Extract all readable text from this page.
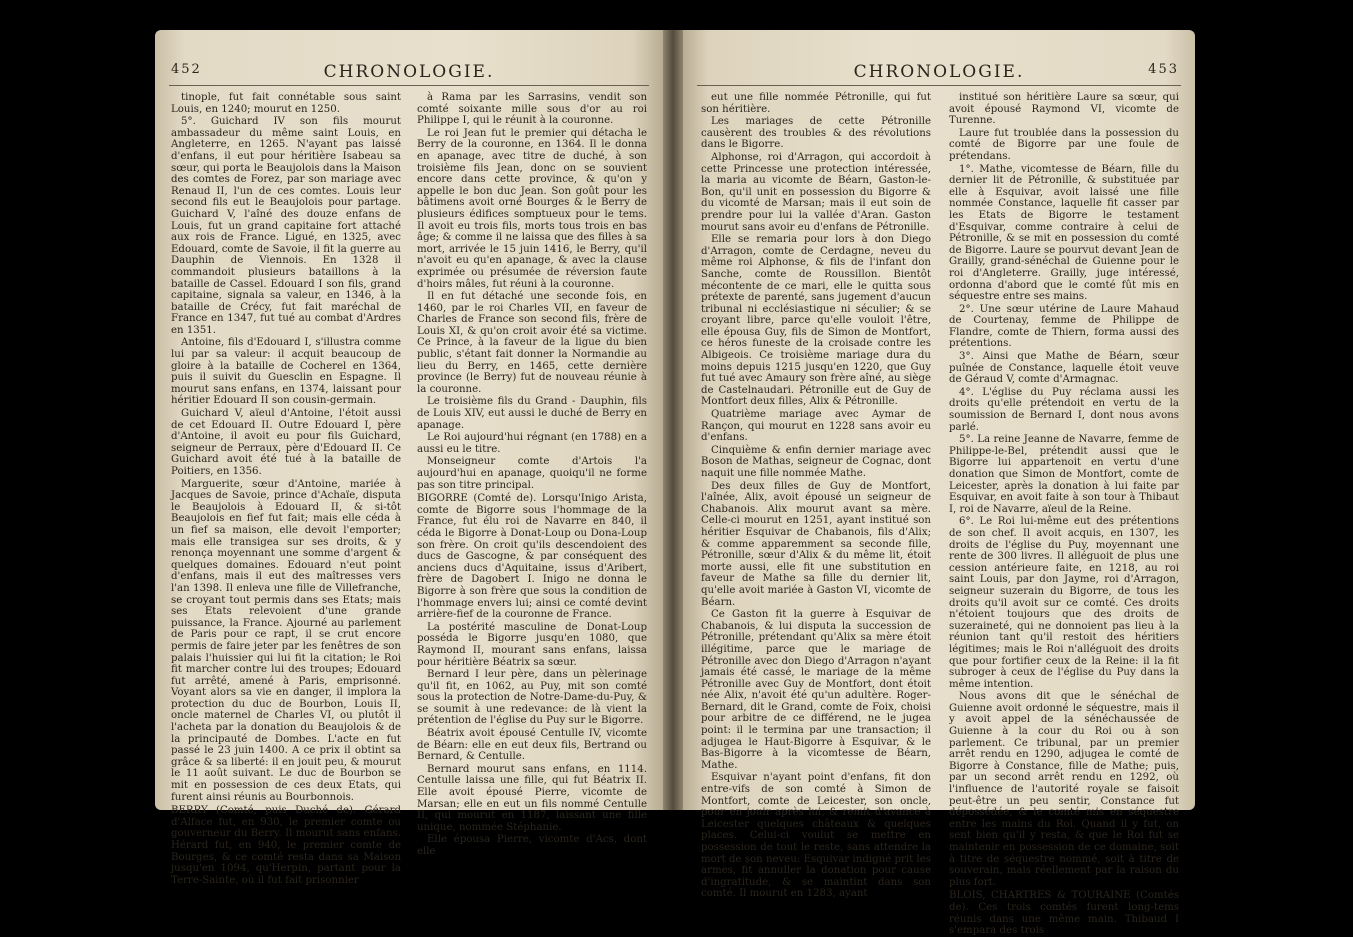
452	CHRONOLOGIE.

tinople, fut fait connétable sous saint Louis, en 1240; mourut en 1250.

5°. Guichard IV son fils mourut ambassadeur du même saint Louis, en Angleterre, en 1265. N'ayant pas laissé d'enfans, il eut pour héritière Isabeau sa sœur, qui porta le Beaujolois dans la Maison des comtes de Forez, par son mariage avec Renaud II, l'un de ces comtes. Louis leur second fils eut le Beaujolois pour partage. Guichard V, l'aîné des douze enfans de Louis, fut un grand capitaine fort attaché aux rois de France. Ligué, en 1325, avec Edouard, comte de Savoie, il fit la guerre au Dauphin de Viennois. En 1328 il commandoit plusieurs bataillons à la bataille de Cassel. Edouard I son fils, grand capitaine, signala sa valeur, en 1346, à la bataille de Crécy, fut fait maréchal de France en 1347, fut tué au combat d'Ardres en 1351.

Antoine, fils d'Edouard I, s'illustra comme lui par sa valeur: il acquit beaucoup de gloire à la bataille de Cocherel en 1364, puis il suivit du Guesclin en Espagne. Il mourut sans enfans, en 1374, laissant pour héritier Edouard II son cousin-germain.

Guichard V, aïeul d'Antoine, l'étoit aussi de cet Edouard II. Outre Edouard I, père d'Antoine, il avoit eu pour fils Guichard, seigneur de Perraux, père d'Edouard II. Ce Guichard avoit été tué à la bataille de Poitiers, en 1356.

Marguerite, sœur d'Antoine, mariée à Jacques de Savoie, prince d'Achaïe, disputa le Beaujolois à Edouard II, & si-tôt Beaujolois en fief fut fait; mais elle céda à un fief sa maison, elle devoit l'emporter; mais elle transigea sur ses droits, & y renonça moyennant une somme d'argent & quelques domaines. Edouard n'eut point d'enfans, mais il eut des maîtresses vers l'an 1398. Il enleva une fille de Villefranche, se croyant tout permis dans ses Etats; mais ses Etats relevoient d'une grande puissance, la France. Ajourné au parlement de Paris pour ce rapt, il se crut encore permis de faire jeter par les fenêtres de son palais l'huissier qui lui fit la citation; le Roi fit marcher contre lui des troupes; Edouard fut arrêté, amené à Paris, emprisonné. Voyant alors sa vie en danger, il implora la protection du duc de Bourbon, Louis II, oncle maternel de Charles VI, ou plutôt il l'acheta par la donation du Beaujolois & de la principauté de Dombes. L'acte en fut passé le 23 juin 1400. A ce prix il obtint sa grâce & sa liberté: il en jouit peu, & mourut le 11 août suivant. Le duc de Bourbon se mit en possession de ces deux Etats, qui furent ainsi réunis au Bourbonnois.

BERRY (Comté, puis Duché de). Gérard d'Alface fut, en 930, le premier comte ou gouverneur du Berry. Il mourut sans enfans. Hérard fut, en 940, le premier comte de Bourges, & ce comté resta dans sa Maison jusqu'en 1094, qu'Herpin, partant pour la Terre-Sainte, où il fut fait prisonnier

à Rama par les Sarrasins, vendit son comté soixante mille sous d'or au roi Philippe I, qui le réunit à la couronne.

Le roi Jean fut le premier qui détacha le Berry de la couronne, en 1364. Il le donna en apanage, avec titre de duché, à son troisième fils Jean, donc on se souvient encore dans cette province, & qu'on y appelle le bon duc Jean. Son goût pour les bâtimens avoit orné Bourges & le Berry de plusieurs édifices somptueux pour le tems. Il avoit eu trois fils, morts tous trois en bas âge; & comme il ne laissa que des filles à sa mort, arrivée le 15 juin 1416, le Berry, qu'il n'avoit eu qu'en apanage, & avec la clause exprimée ou présumée de réversion faute d'hoirs mâles, fut réuni à la couronne.

Il en fut détaché une seconde fois, en 1460, par le roi Charles VII, en faveur de Charles de France son second fils, frère de Louis XI, & qu'on croit avoir été sa victime. Ce Prince, à la faveur de la ligue du bien public, s'étant fait donner la Normandie au lieu du Berry, en 1465, cette dernière province (le Berry) fut de nouveau réunie à la couronne.

Le troisième fils du Grand - Dauphin, fils de Louis XIV, eut aussi le duché de Berry en apanage.

Le Roi aujourd'hui régnant (en 1788) en a aussi eu le titre.

Monseigneur comte d'Artois l'a aujourd'hui en apanage, quoiqu'il ne forme pas son titre principal.

BIGORRE (Comté de). Lorsqu'Inigo Arista, comte de Bigorre sous l'hommage de la France, fut élu roi de Navarre en 840, il céda le Bigorre à Donat-Loup ou Dona-Loup son frère. On croit qu'ils descendoient des ducs de Gascogne, & par conséquent des anciens ducs d'Aquitaine, issus d'Aribert, frère de Dagobert I. Inigo ne donna le Bigorre à son frère que sous la condition de l'hommage envers lui; ainsi ce comté devint arrière-fief de la couronne de France.

La postérité masculine de Donat-Loup posséda le Bigorre jusqu'en 1080, que Raymond II, mourant sans enfans, laissa pour héritière Béatrix sa sœur.

Bernard I leur père, dans un pèlerinage qu'il fit, en 1062, au Puy, mit son comté sous la protection de Notre-Dame-du-Puy, & se soumit à une redevance: de là vient la prétention de l'église du Puy sur le Bigorre.

Béatrix avoit épousé Centulle IV, vicomte de Béarn: elle en eut deux fils, Bertrand ou Bernard, & Centulle.

Bernard mourut sans enfans, en 1114. Centulle laissa une fille, qui fut Béatrix II. Elle avoit épousé Pierre, vicomte de Marsan; elle en eut un fils nommé Centulle II, qui mourut en 1187, laissant une fille unique, nommée Stéphanie.

Elle épousa Pierre, vicomte d'Acs, dont elle

CHRONOLOGIE.	453

eut une fille nommée Pétronille, qui fut son héritière.

Les mariages de cette Pétronille causèrent des troubles & des révolutions dans le Bigorre.

Alphonse, roi d'Arragon, qui accordoit à cette Princesse une protection intéressée, la maria au vicomte de Béarn, Gaston-le-Bon, qu'il unit en possession du Bigorre & du vicomté de Marsan; mais il eut soin de prendre pour lui la vallée d'Aran. Gaston mourut sans avoir eu d'enfans de Pétronille.

Elle se remaria pour lors à don Diego d'Arragon, comte de Cerdagne, neveu du même roi Alphonse, & fils de l'infant don Sanche, comte de Roussillon. Bientôt mécontente de ce mari, elle le quitta sous prétexte de parenté, sans jugement d'aucun tribunal ni ecclésiastique ni séculier; & se croyant libre, parce qu'elle vouloit l'être, elle épousa Guy, fils de Simon de Montfort, ce héros funeste de la croisade contre les Albigeois. Ce troisième mariage dura du moins depuis 1215 jusqu'en 1220, que Guy fut tué avec Amaury son frère aîné, au siège de Castelnaudari. Pétronille eut de Guy de Montfort deux filles, Alix & Pétronille.

Quatrième mariage avec Aymar de Rançon, qui mourut en 1228 sans avoir eu d'enfans.

Cinquième & enfin dernier mariage avec Boson de Mathas, seigneur de Cognac, dont naquit une fille nommée Mathe.

Des deux filles de Guy de Montfort, l'aînée, Alix, avoit épousé un seigneur de Chabanois. Alix mourut avant sa mère. Celle-ci mourut en 1251, ayant institué son héritier Esquivar de Chabanois, fils d'Alix; & comme apparemment sa seconde fille, Pétronille, sœur d'Alix & du même lit, étoit morte aussi, elle fit une substitution en faveur de Mathe sa fille du dernier lit, qu'elle avoit mariée à Gaston VI, vicomte de Béarn.

Ce Gaston fit la guerre à Esquivar de Chabanois, & lui disputa la succession de Pétronille, prétendant qu'Alix sa mère étoit illégitime, parce que le mariage de Pétronille avec don Diego d'Arragon n'ayant jamais été cassé, le mariage de la même Pétronille avec Guy de Montfort, dont étoit née Alix, n'avoit été qu'un adultère. Roger-Bernard, dit le Grand, comte de Foix, choisi pour arbitre de ce différend, ne le jugea point: il le termina par une transaction; il adjugea le Haut-Bigorre à Esquivar, & le Bas-Bigorre à la vicomtesse de Béarn, Mathe.

Esquivar n'ayant point d'enfans, fit don entre-vifs de son comté à Simon de Montfort, comte de Leicester, son oncle, pour en jouir après lui, & remit d'avance à Leicester quelques châteaux & quelques places. Celui-ci voulut se mettre en possession de tout le reste, sans attendre la mort de son neveu: Esquivar indigné prit les armes, fit annuller la donation pour cause d'ingratitude, & se maintint dans son comté. Il mourut en 1283, ayant

institué son héritière Laure sa sœur, qui avoit épousé Raymond VI, vicomte de Turenne.

Laure fut troublée dans la possession du comté de Bigorre par une foule de prétendans.

1°. Mathe, vicomtesse de Béarn, fille du dernier lit de Pétronille, & substituée par elle à Esquivar, avoit laissé une fille nommée Constance, laquelle fit casser par les Etats de Bigorre le testament d'Esquivar, comme contraire à celui de Pétronille, & se mit en possession du comté de Bigorre. Laure se pourvut devant Jean de Grailly, grand-sénéchal de Guienne pour le roi d'Angleterre. Grailly, juge intéressé, ordonna d'abord que le comté fût mis en séquestre entre ses mains.

2°. Une sœur utérine de Laure Mahaud de Courtenay, femme de Philippe de Flandre, comte de Thiern, forma aussi des prétentions.

3°. Ainsi que Mathe de Béarn, sœur puînée de Constance, laquelle étoit veuve de Géraud V, comte d'Armagnac.

4°. L'église du Puy réclama aussi les droits qu'elle prétendoit en vertu de la soumission de Bernard I, dont nous avons parlé.

5°. La reine Jeanne de Navarre, femme de Philippe-le-Bel, prétendit aussi que le Bigorre lui appartenoit en vertu d'une donation que Simon de Montfort, comte de Leicester, après la donation à lui faite par Esquivar, en avoit faite à son tour à Thibaut I, roi de Navarre, aïeul de la Reine.

6°. Le Roi lui-même eut des prétentions de son chef. Il avoit acquis, en 1307, les droits de l'église du Puy, moyennant une rente de 300 livres. Il alléguoit de plus une cession antérieure faite, en 1218, au roi saint Louis, par don Jayme, roi d'Arragon, seigneur suzerain du Bigorre, de tous les droits qu'il avoit sur ce comté. Ces droits n'étoient toujours que des droits de suzeraineté, qui ne donnoient pas lieu à la réunion tant qu'il restoit des héritiers légitimes; mais le Roi n'alléguoit des droits que pour fortifier ceux de la Reine: il la fit subroger à ceux de l'église du Puy dans la même intention.

Nous avons dit que le sénéchal de Guienne avoit ordonné le séquestre, mais il y avoit appel de la sénéchaussée de Guienne à la cour du Roi ou à son parlement. Ce tribunal, par un premier arrêt rendu en 1290, adjugea le comté de Bigorre à Constance, fille de Mathe; puis, par un second arrêt rendu en 1292, où l'influence de l'autorité royale se faisoit peut-être un peu sentir, Constance fut dépossédée, & le comté mis en séquestre entre les mains du Roi. Quand il y fut, on sent bien qu'il y resta, & que le Roi fut se maintenir en possession de ce domaine, soit à titre de séquestre nommé, soit à titre de souverain, mais réellement par la raison du plus fort.

BLOIS, CHARTRES & TOURAINE (Comtés de). Ces trois comtés furent long-tems réunis dans une même main. Thibaud I s'empara des trois
